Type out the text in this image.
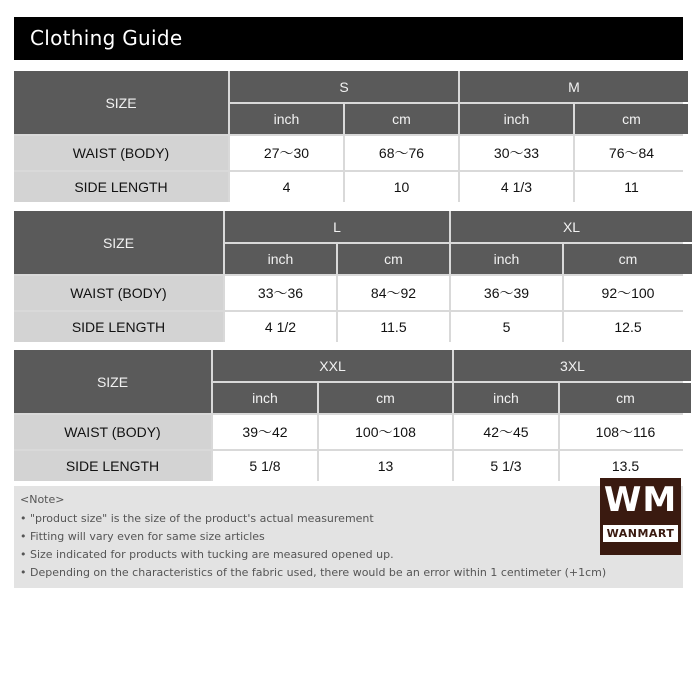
Clothing Guide
SIZE
S	M
inch	cm	inch	cm
WAIST (BODY)	27～30	68～76	30～33	76～84
SIDE LENGTH	4	10	4 1/3	11
SIZE
L	XL
inch	cm	inch	cm
WAIST (BODY)	33～36	84～92	36～39	92～100
SIDE LENGTH	4 1/2	11.5	5	12.5
SIZE
XXL	3XL
inch	cm	inch	cm
WAIST (BODY)	39～42	100～108	42～45	108～116
SIDE LENGTH	5 1/8	13	5 1/3	13.5
<Note>
• "product size" is the size of the product's actual measurement
• Fitting will vary even for same size articles
• Size indicated for products with tucking are measured opened up.
• Depending on the characteristics of the fabric used, there would be an error within 1 centimeter (+1cm)
WM
WANMART
